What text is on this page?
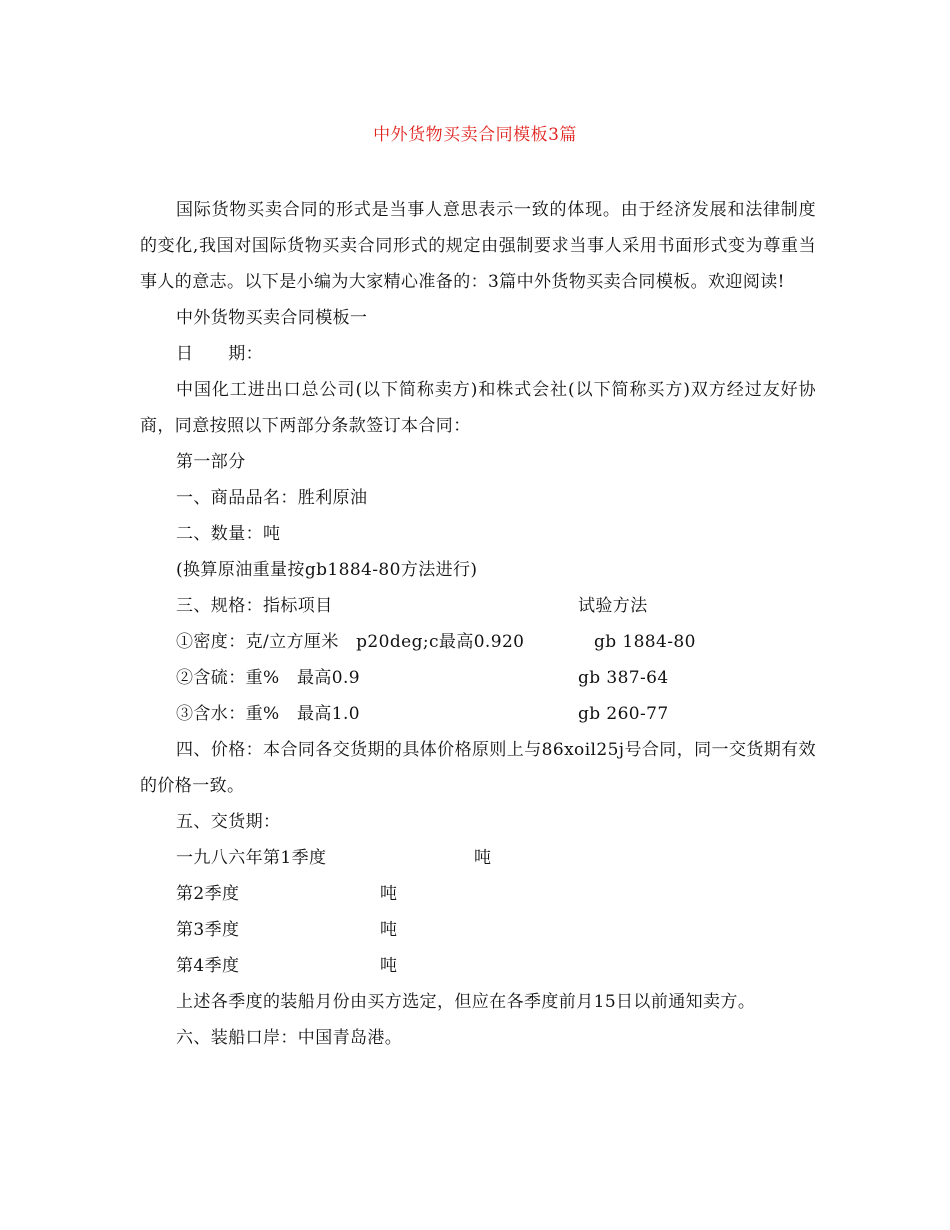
中外货物买卖合同模板3篇

国际货物买卖合同的形式是当事人意思表示一致的体现。由于经济发展和法律制度的变化,我国对国际货物买卖合同形式的规定由强制要求当事人采用书面形式变为尊重当事人的意志。以下是小编为大家精心准备的：3篇中外货物买卖合同模板。欢迎阅读!

中外货物买卖合同模板一

日　　期：

中国化工进出口总公司(以下简称卖方)和株式会社(以下简称买方)双方经过友好协商，同意按照以下两部分条款签订本合同：

第一部分

一、商品品名：胜利原油

二、数量：吨

(换算原油重量按gb1884-80方法进行)

三、规格：指标项目	试验方法
①密度：克/立方厘米　p20deg;c最高0.920	gb 1884-80
②含硫：重%　最高0.9	gb 387-64
③含水：重%　最高1.0	gb 260-77

四、价格：本合同各交货期的具体价格原则上与86xoil25j号合同，同一交货期有效的价格一致。

五、交货期：

一九八六年第1季度	吨
第2季度	吨
第3季度	吨
第4季度	吨

上述各季度的装船月份由买方选定，但应在各季度前月15日以前通知卖方。

六、装船口岸：中国青岛港。
